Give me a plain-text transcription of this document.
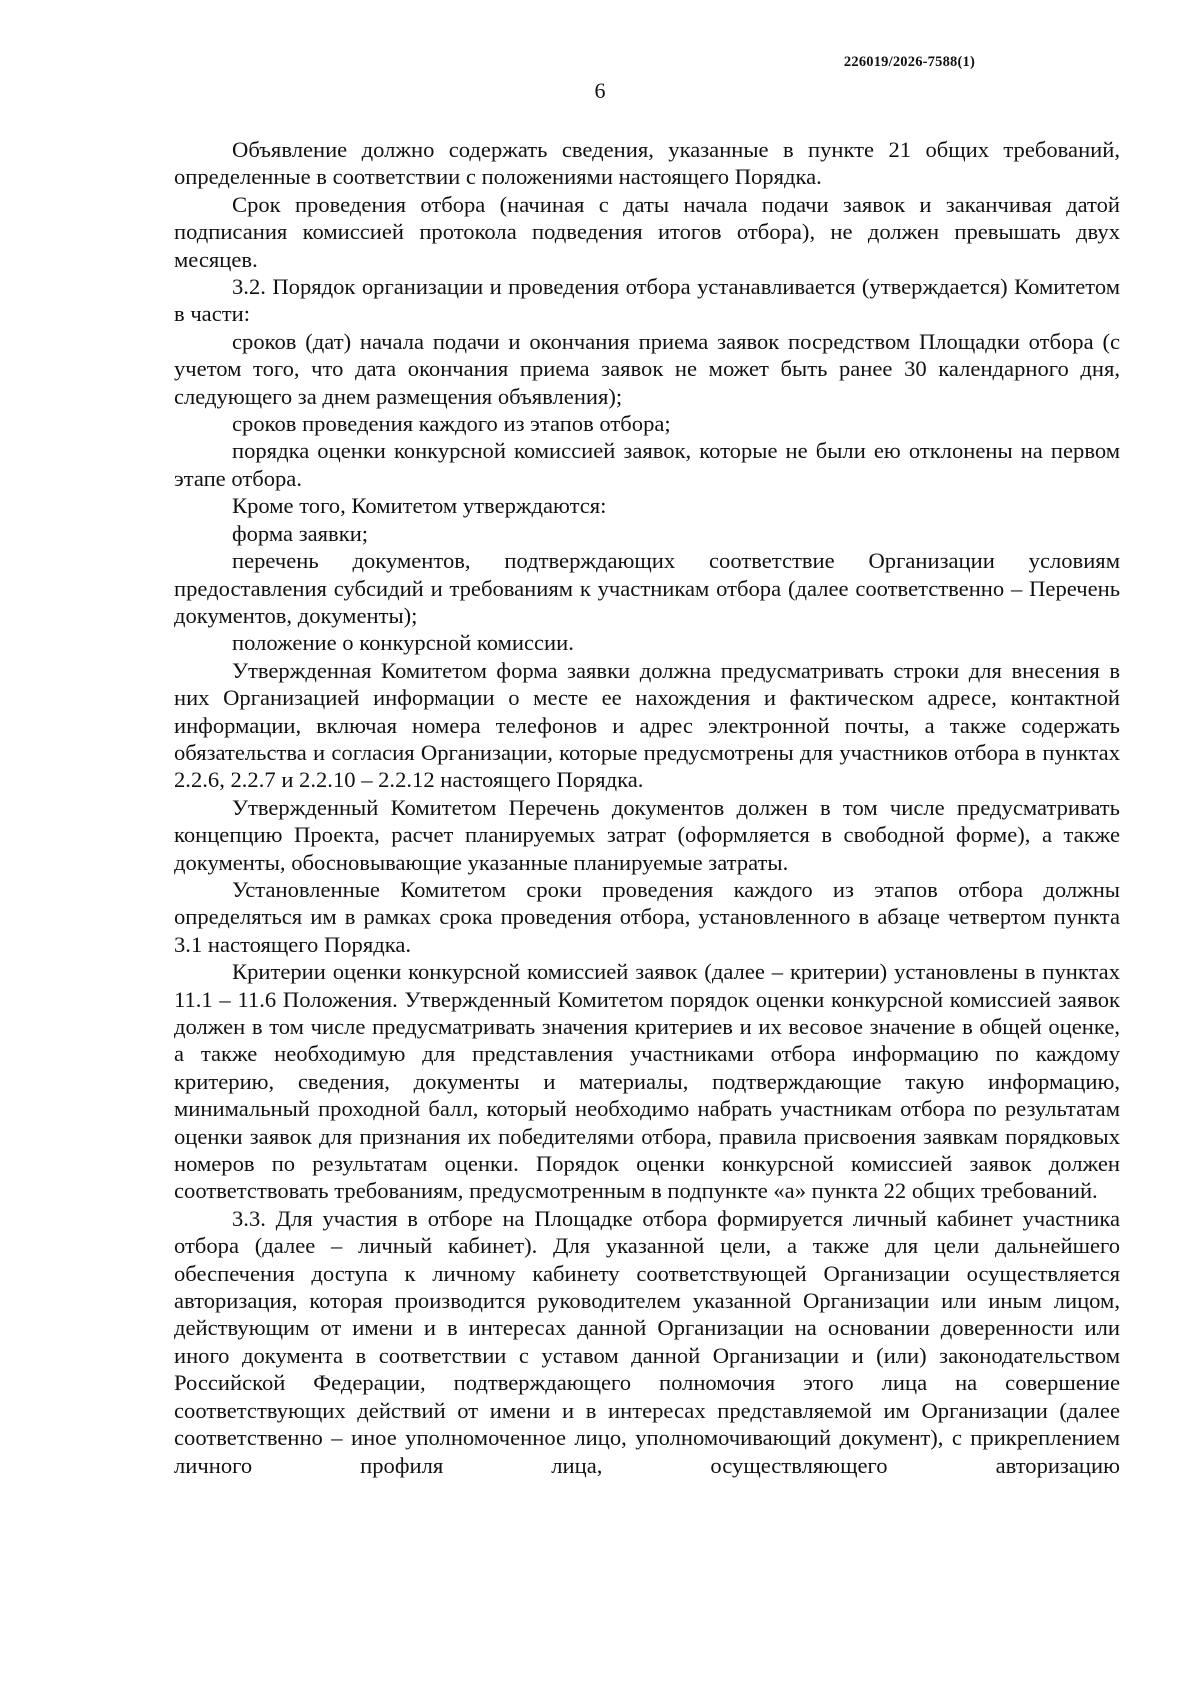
226019/2026-7588(1)
6

Объявление должно содержать сведения, указанные в пункте 21 общих требований, определенные в соответствии с положениями настоящего Порядка.

Срок проведения отбора (начиная с даты начала подачи заявок и заканчивая датой подписания комиссией протокола подведения итогов отбора), не должен превышать двух месяцев.

3.2. Порядок организации и проведения отбора устанавливается (утверждается) Комитетом в части:

сроков (дат) начала подачи и окончания приема заявок посредством Площадки отбора (с учетом того, что дата окончания приема заявок не может быть ранее 30 календарного дня, следующего за днем размещения объявления);

сроков проведения каждого из этапов отбора;

порядка оценки конкурсной комиссией заявок, которые не были ею отклонены на первом этапе отбора.

Кроме того, Комитетом утверждаются:

форма заявки;

перечень документов, подтверждающих соответствие Организации условиям предоставления субсидий и требованиям к участникам отбора (далее соответственно – Перечень документов, документы);

положение о конкурсной комиссии.

Утвержденная Комитетом форма заявки должна предусматривать строки для внесения в них Организацией информации о месте ее нахождения и фактическом адресе, контактной информации, включая номера телефонов и адрес электронной почты, а также содержать обязательства и согласия Организации, которые предусмотрены для участников отбора в пунктах 2.2.6, 2.2.7 и 2.2.10 – 2.2.12 настоящего Порядка.

Утвержденный Комитетом Перечень документов должен в том числе предусматривать концепцию Проекта, расчет планируемых затрат (оформляется в свободной форме), а также документы, обосновывающие указанные планируемые затраты.

Установленные Комитетом сроки проведения каждого из этапов отбора должны определяться им в рамках срока проведения отбора, установленного в абзаце четвертом пункта 3.1 настоящего Порядка.

Критерии оценки конкурсной комиссией заявок (далее – критерии) установлены в пунктах 11.1 – 11.6 Положения. Утвержденный Комитетом порядок оценки конкурсной комиссией заявок должен в том числе предусматривать значения критериев и их весовое значение в общей оценке, а также необходимую для представления участниками отбора информацию по каждому критерию, сведения, документы и материалы, подтверждающие такую информацию, минимальный проходной балл, который необходимо набрать участникам отбора по результатам оценки заявок для признания их победителями отбора, правила присвоения заявкам порядковых номеров по результатам оценки. Порядок оценки конкурсной комиссией заявок должен соответствовать требованиям, предусмотренным в подпункте «а» пункта 22 общих требований.

3.3. Для участия в отборе на Площадке отбора формируется личный кабинет участника отбора (далее – личный кабинет). Для указанной цели, а также для цели дальнейшего обеспечения доступа к личному кабинету соответствующей Организации осуществляется авторизация, которая производится руководителем указанной Организации или иным лицом, действующим от имени и в интересах данной Организации на основании доверенности или иного документа в соответствии с уставом данной Организации и (или) законодательством Российской Федерации, подтверждающего полномочия этого лица на совершение соответствующих действий от имени и в интересах представляемой им Организации (далее соответственно – иное уполномоченное лицо, уполномочивающий документ), с прикреплением личного профиля лица, осуществляющего авторизацию
